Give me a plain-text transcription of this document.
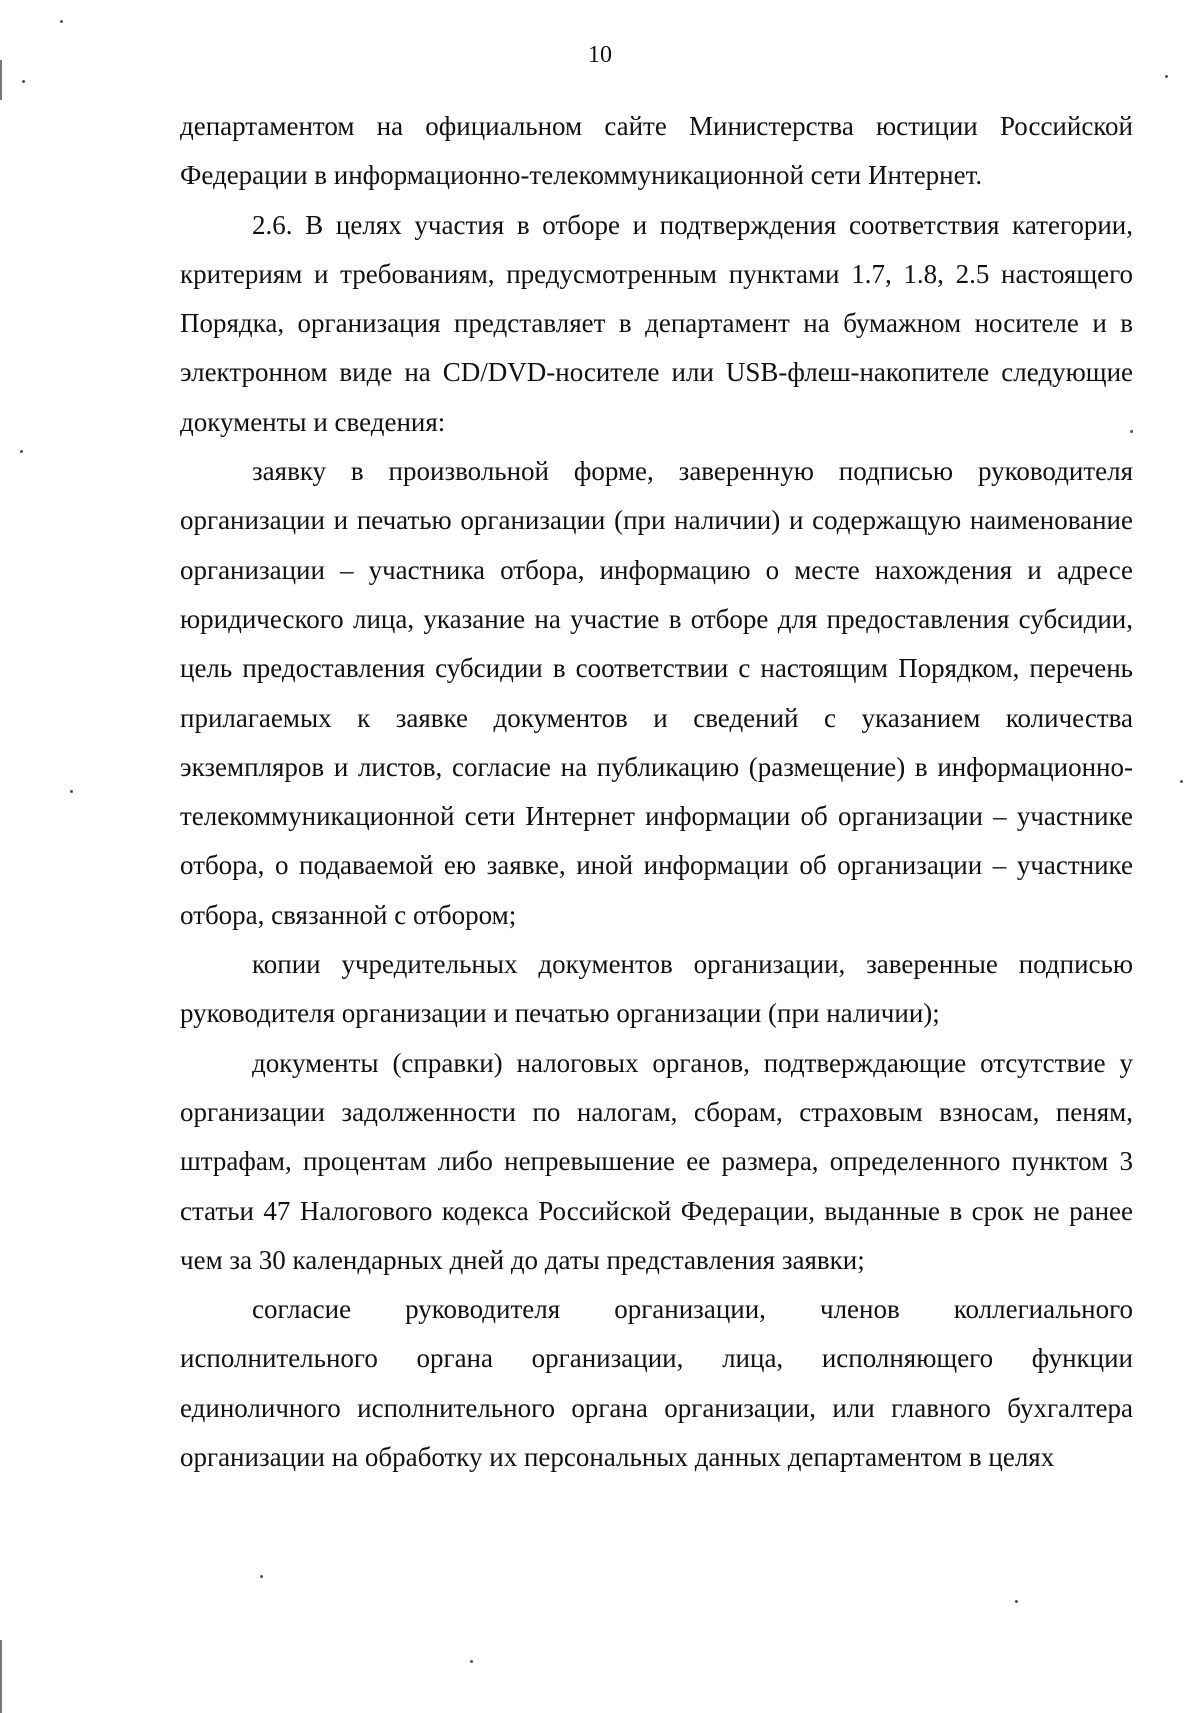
10

департаментом на официальном сайте Министерства юстиции Российской Федерации в информационно-телекоммуникационной сети Интернет.

2.6. В целях участия в отборе и подтверждения соответствия категории, критериям и требованиям, предусмотренным пунктами 1.7, 1.8, 2.5 настоящего Порядка, организация представляет в департамент на бумажном носителе и в электронном виде на CD/DVD-носителе или USB-флеш-накопителе следующие документы и сведения:

заявку в произвольной форме, заверенную подписью руководителя организации и печатью организации (при наличии) и содержащую наименование организации – участника отбора, информацию о месте нахождения и адресе юридического лица, указание на участие в отборе для предоставления субсидии, цель предоставления субсидии в соответствии с настоящим Порядком, перечень прилагаемых к заявке документов и сведений с указанием количества экземпляров и листов, согласие на публикацию (размещение) в информационно-телекоммуникационной сети Интернет информации об организации – участнике отбора, о подаваемой ею заявке, иной информации об организации – участнике отбора, связанной с отбором;

копии учредительных документов организации, заверенные подписью руководителя организации и печатью организации (при наличии);

документы (справки) налоговых органов, подтверждающие отсутствие у организации задолженности по налогам, сборам, страховым взносам, пеням, штрафам, процентам либо непревышение ее размера, определенного пунктом 3 статьи 47 Налогового кодекса Российской Федерации, выданные в срок не ранее чем за 30 календарных дней до даты представления заявки;

согласие руководителя организации, членов коллегиального исполнительного органа организации, лица, исполняющего функции единоличного исполнительного органа организации, или главного бухгалтера организации на обработку их персональных данных департаментом в целях
